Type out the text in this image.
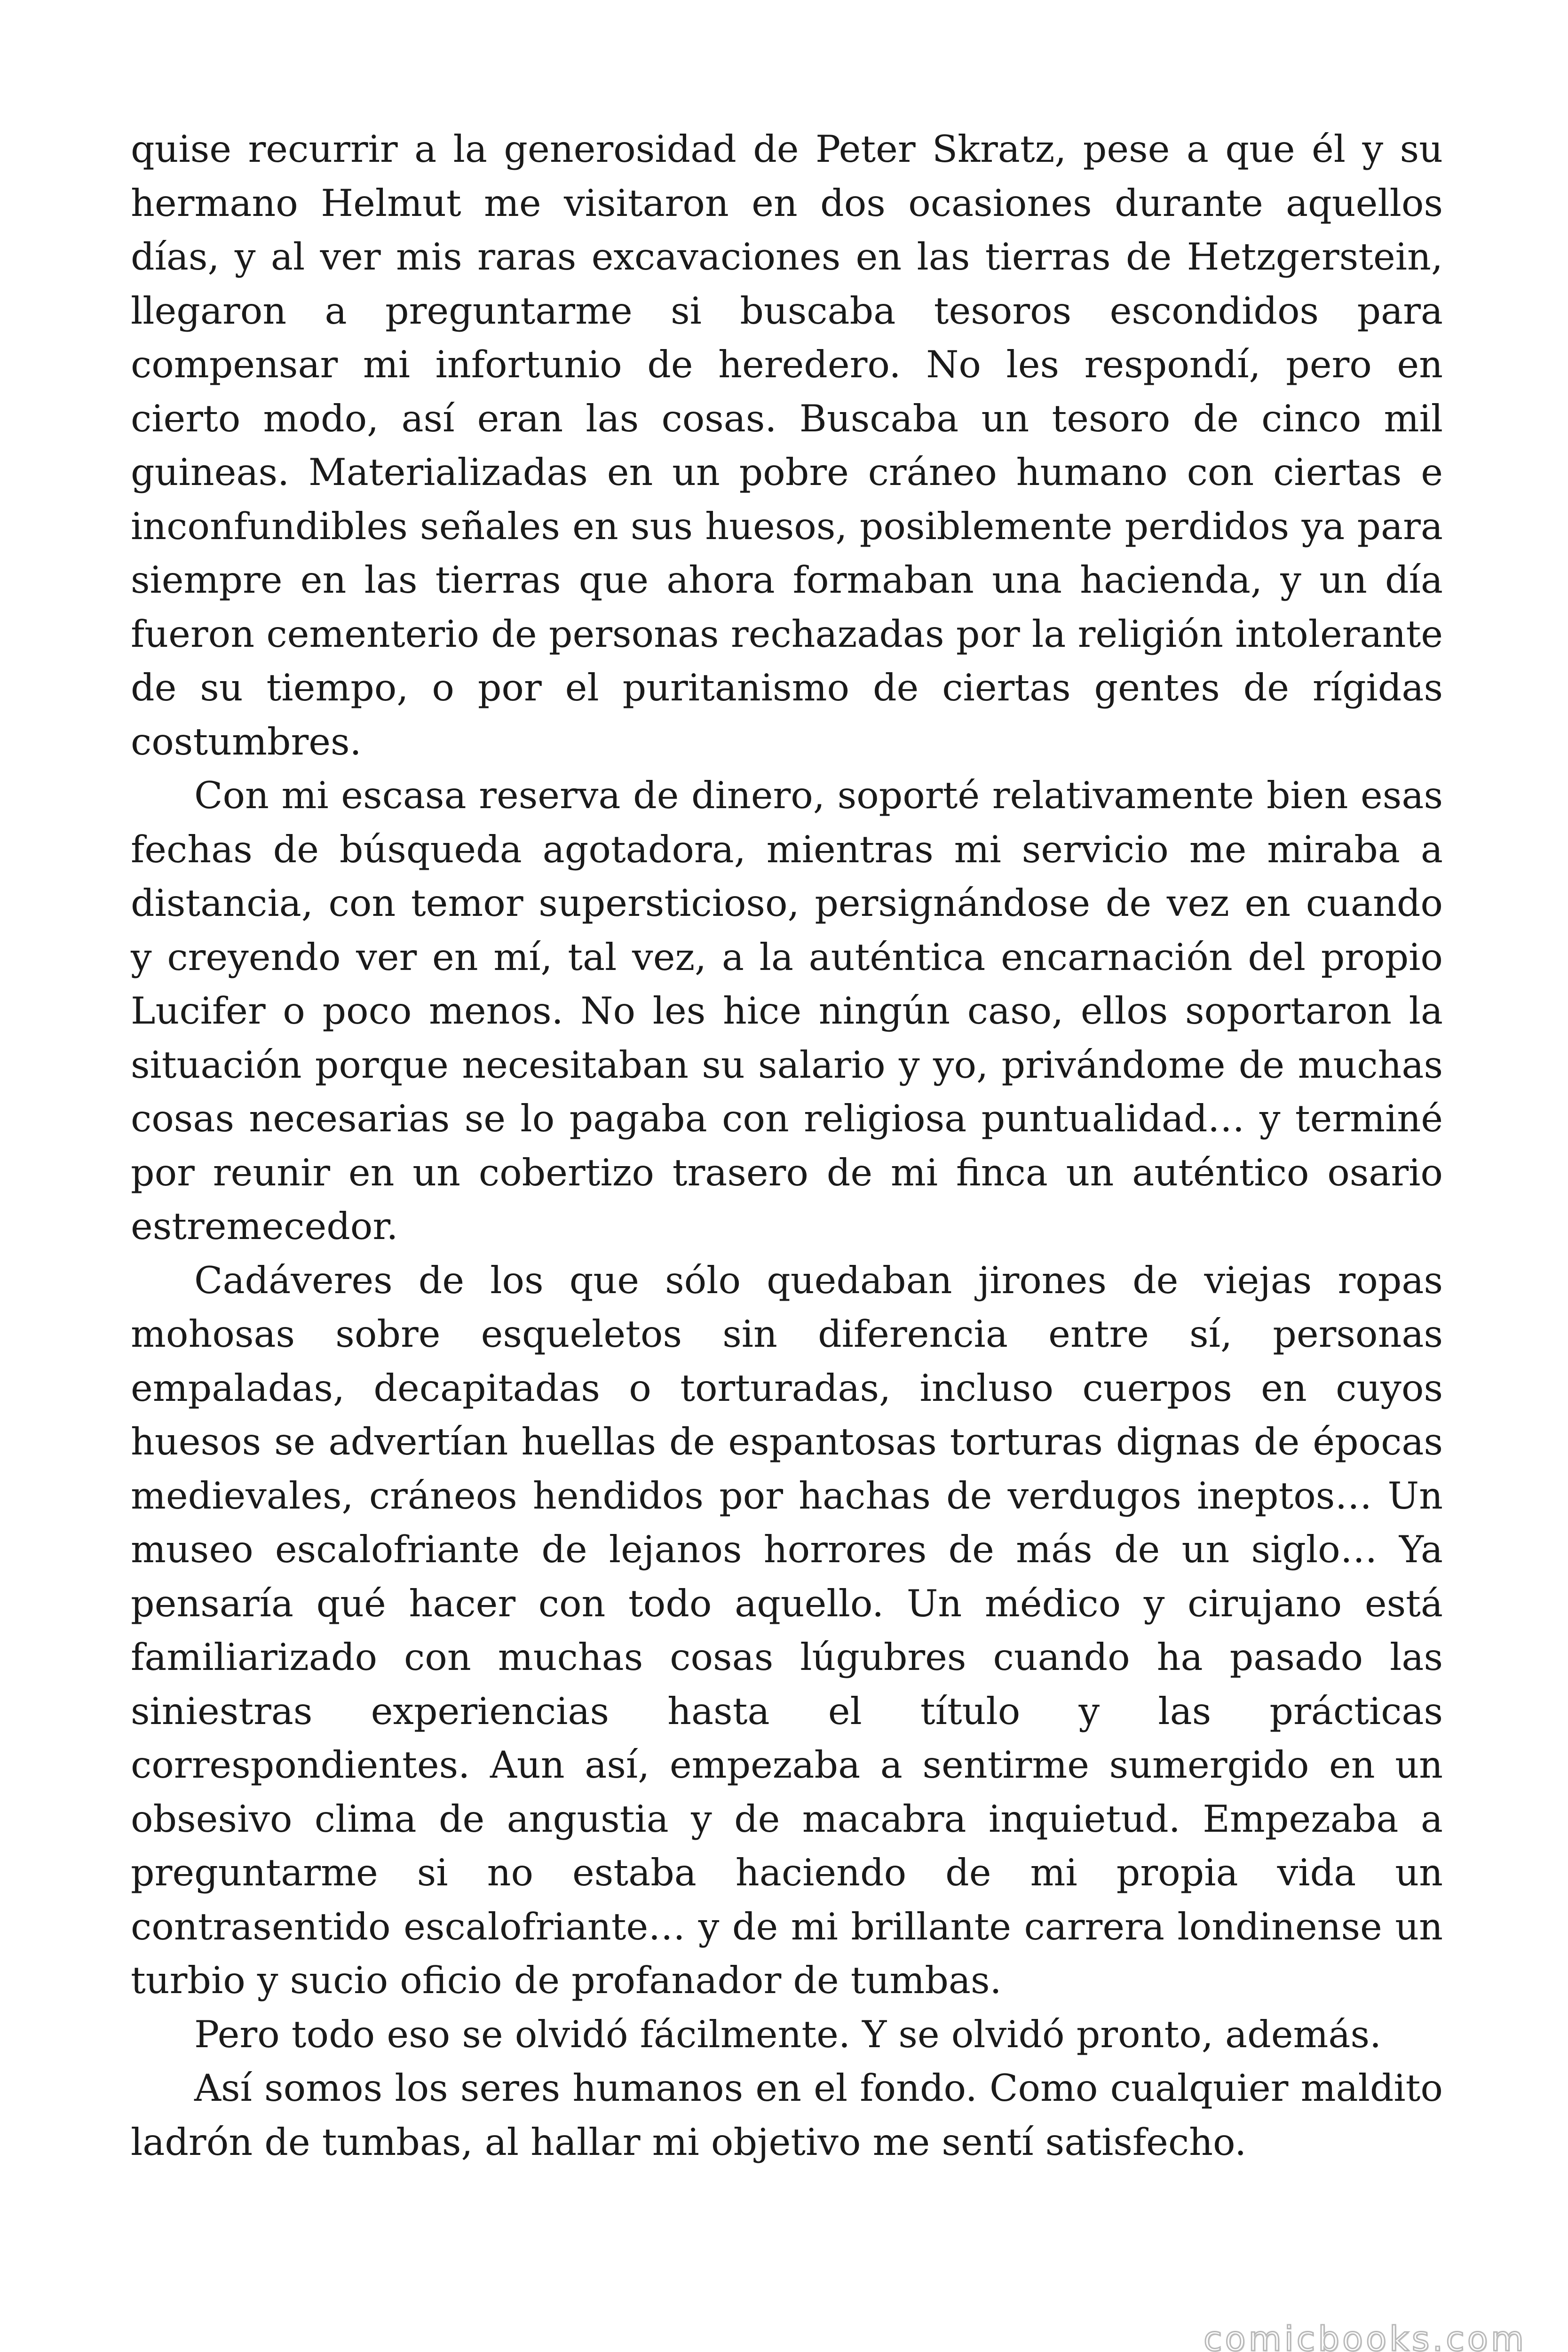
quise recurrir a la generosidad de Peter Skratz, pese a que él y su hermano Helmut me visitaron en dos ocasiones durante aquellos días, y al ver mis raras excavaciones en las tierras de Hetzgerstein, llegaron a preguntarme si buscaba tesoros escondidos para compensar mi infortunio de heredero. No les respondí, pero en cierto modo, así eran las cosas. Buscaba un tesoro de cinco mil guineas. Materializadas en un pobre cráneo humano con ciertas e inconfundibles señales en sus huesos, posiblemente perdidos ya para siempre en las tierras que ahora formaban una hacienda, y un día fueron cementerio de personas rechazadas por la religión intolerante de su tiempo, o por el puritanismo de ciertas gentes de rígidas costumbres.

Con mi escasa reserva de dinero, soporté relativamente bien esas fechas de búsqueda agotadora, mientras mi servicio me miraba a distancia, con temor supersticioso, persignándose de vez en cuando y creyendo ver en mí, tal vez, a la auténtica encarnación del propio Lucifer o poco menos. No les hice ningún caso, ellos soportaron la situación porque necesitaban su salario y yo, privándome de muchas cosas necesarias se lo pagaba con religiosa puntualidad… y terminé por reunir en un cobertizo trasero de mi finca un auténtico osario estremecedor.

Cadáveres de los que sólo quedaban jirones de viejas ropas mohosas sobre esqueletos sin diferencia entre sí, personas empaladas, decapitadas o torturadas, incluso cuerpos en cuyos huesos se advertían huellas de espantosas torturas dignas de épocas medievales, cráneos hendidos por hachas de verdugos ineptos… Un museo escalofriante de lejanos horrores de más de un siglo… Ya pensaría qué hacer con todo aquello. Un médico y cirujano está familiarizado con muchas cosas lúgubres cuando ha pasado las siniestras experiencias hasta el título y las prácticas correspondientes. Aun así, empezaba a sentirme sumergido en un obsesivo clima de angustia y de macabra inquietud. Empezaba a preguntarme si no estaba haciendo de mi propia vida un contrasentido escalofriante… y de mi brillante carrera londinense un turbio y sucio oficio de profanador de tumbas.

Pero todo eso se olvidó fácilmente. Y se olvidó pronto, además.

Así somos los seres humanos en el fondo. Como cualquier maldito ladrón de tumbas, al hallar mi objetivo me sentí satisfecho.

comicbooks.com
